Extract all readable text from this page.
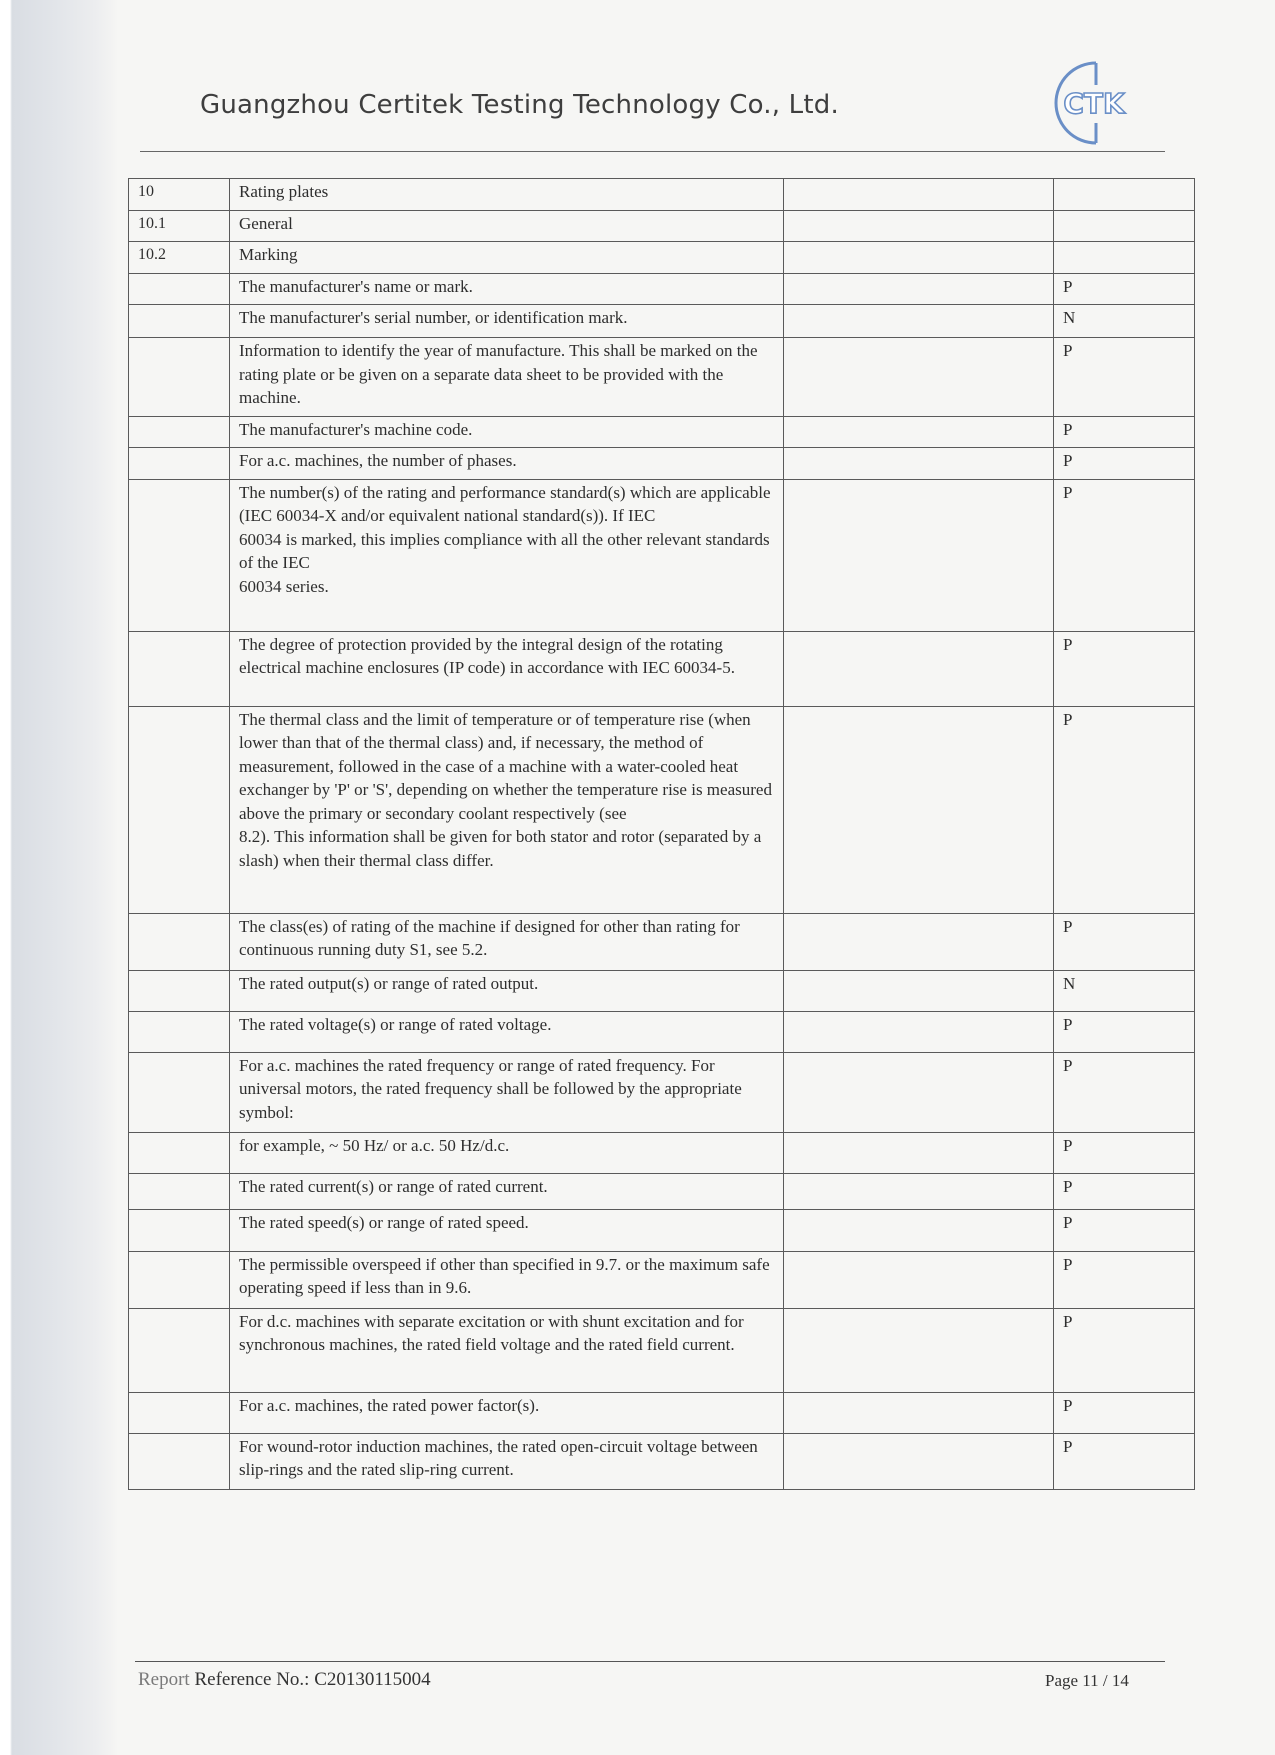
Guangzhou Certitek Testing Technology Co., Ltd.	CTK
10	Rating plates		
10.1	General		
10.2	Marking		
	The manufacturer's name or mark.		P
	The manufacturer's serial number, or identification mark.		N
	Information to identify the year of manufacture. This shall be marked on the rating plate or be given on a separate data sheet to be provided with the machine.		P
	The manufacturer's machine code.		P
	For a.c. machines, the number of phases.		P
	The number(s) of the rating and performance standard(s) which are applicable (IEC 60034-X and/or equivalent national standard(s)). If IEC
60034 is marked, this implies compliance with all the other relevant standards of the IEC
60034 series.		P
	The degree of protection provided by the integral design of the rotating electrical machine enclosures (IP code) in accordance with IEC 60034-5.		P
	The thermal class and the limit of temperature or of temperature rise (when lower than that of the thermal class) and, if necessary, the method of measurement, followed in the case of a machine with a water-cooled heat exchanger by 'P' or 'S', depending on whether the temperature rise is measured above the primary or secondary coolant respectively (see
8.2). This information shall be given for both stator and rotor (separated by a slash) when their thermal class differ.		P
	The class(es) of rating of the machine if designed for other than rating for continuous running duty S1, see 5.2.		P
	The rated output(s) or range of rated output.		N
	The rated voltage(s) or range of rated voltage.		P
	For a.c. machines the rated frequency or range of rated frequency. For universal motors, the rated frequency shall be followed by the appropriate symbol:		P
	for example, ~ 50 Hz/ or a.c. 50 Hz/d.c.		P
	The rated current(s) or range of rated current.		P
	The rated speed(s) or range of rated speed.		P
	The permissible overspeed if other than specified in 9.7. or the maximum safe operating speed if less than in 9.6.		P
	For d.c. machines with separate excitation or with shunt excitation and for synchronous machines, the rated field voltage and the rated field current.		P
	For a.c. machines, the rated power factor(s).		P
	For wound-rotor induction machines, the rated open-circuit voltage between slip-rings and the rated slip-ring current.		P
Report Reference No.: C20130115004	Page 11 / 14
